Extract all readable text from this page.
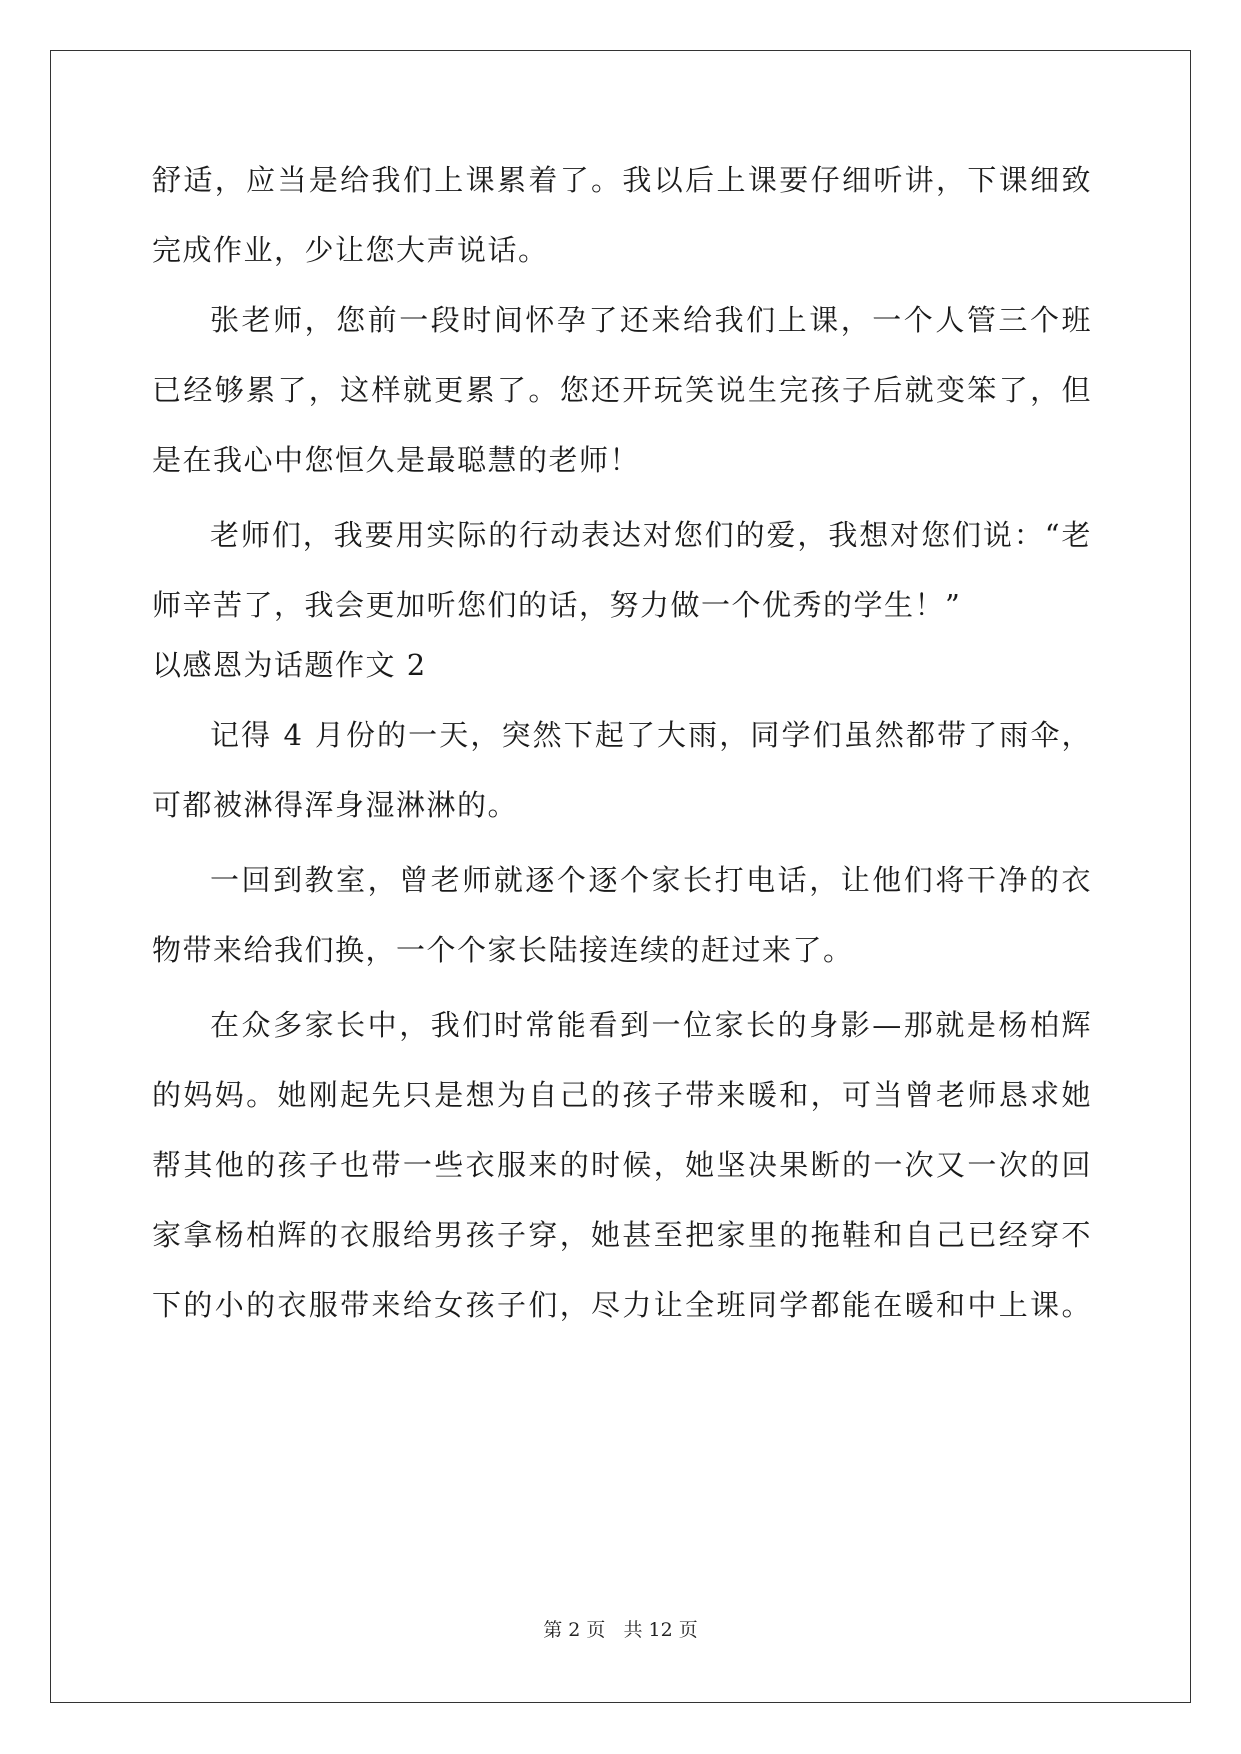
舒适，应当是给我们上课累着了。我以后上课要仔细听讲，下课细致
完成作业，少让您大声说话。
张老师，您前一段时间怀孕了还来给我们上课，一个人管三个班
已经够累了，这样就更累了。您还开玩笑说生完孩子后就变笨了，但
是在我心中您恒久是最聪慧的老师！
老师们，我要用实际的行动表达对您们的爱，我想对您们说：“老
师辛苦了，我会更加听您们的话，努力做一个优秀的学生！”
以感恩为话题作文 2
记得 4 月份的一天，突然下起了大雨，同学们虽然都带了雨伞，
可都被淋得浑身湿淋淋的。
一回到教室，曾老师就逐个逐个家长打电话，让他们将干净的衣
物带来给我们换，一个个家长陆接连续的赶过来了。
在众多家长中，我们时常能看到一位家长的身影—那就是杨柏辉
的妈妈。她刚起先只是想为自己的孩子带来暖和，可当曾老师恳求她
帮其他的孩子也带一些衣服来的时候，她坚决果断的一次又一次的回
家拿杨柏辉的衣服给男孩子穿，她甚至把家里的拖鞋和自己已经穿不
下的小的衣服带来给女孩子们，尽力让全班同学都能在暖和中上课。
第 2 页 共 12 页
